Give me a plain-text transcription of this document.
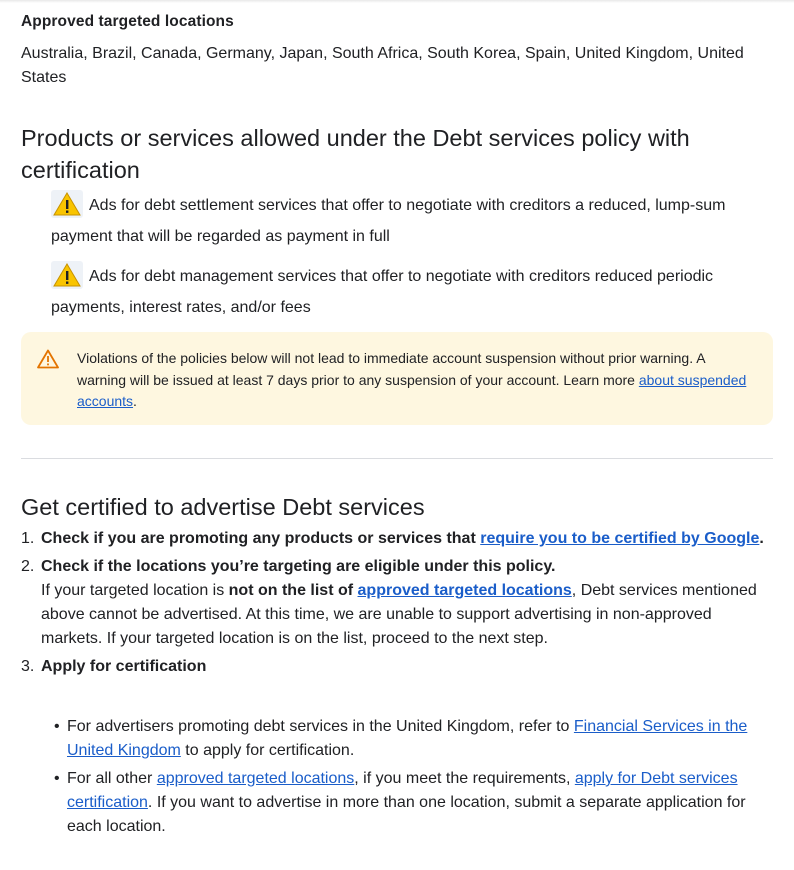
Approved targeted locations
Australia, Brazil, Canada, Germany, Japan, South Africa, South Korea, Spain, United Kingdom, United States
Products or services allowed under the Debt services policy with certification
Ads for debt settlement services that offer to negotiate with creditors a reduced, lump-sum payment that will be regarded as payment in full
Ads for debt management services that offer to negotiate with creditors reduced periodic payments, interest rates, and/or fees
Violations of the policies below will not lead to immediate account suspension without prior warning. A warning will be issued at least 7 days prior to any suspension of your account. Learn more about suspended accounts.
Get certified to advertise Debt services
1. Check if you are promoting any products or services that require you to be certified by Google.
2. Check if the locations you’re targeting are eligible under this policy.
If your targeted location is not on the list of approved targeted locations, Debt services mentioned above cannot be advertised. At this time, we are unable to support advertising in non-approved markets. If your targeted location is on the list, proceed to the next step.
3. Apply for certification
• For advertisers promoting debt services in the United Kingdom, refer to Financial Services in the United Kingdom to apply for certification.
• For all other approved targeted locations, if you meet the requirements, apply for Debt services certification. If you want to advertise in more than one location, submit a separate application for each location.
